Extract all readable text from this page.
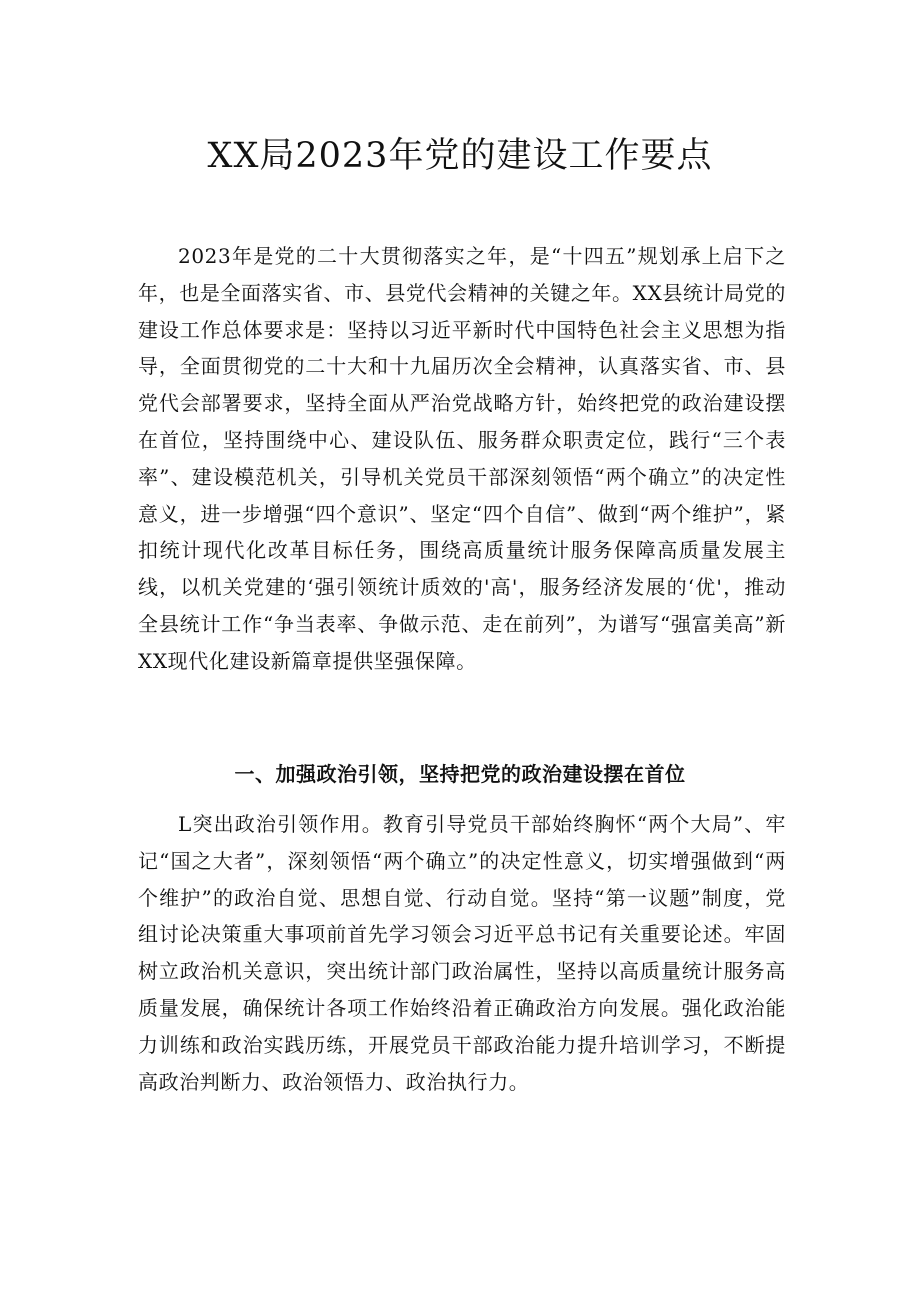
XX局2023年党的建设工作要点

2023年是党的二十大贯彻落实之年，是“十四五”规划承上启下之年，也是全面落实省、市、县党代会精神的关键之年。XX县统计局党的建设工作总体要求是：坚持以习近平新时代中国特色社会主义思想为指导，全面贯彻党的二十大和十九届历次全会精神，认真落实省、市、县党代会部署要求，坚持全面从严治党战略方针，始终把党的政治建设摆在首位，坚持围绕中心、建设队伍、服务群众职责定位，践行“三个表率”、建设模范机关，引导机关党员干部深刻领悟“两个确立”的决定性意义，进一步增强“四个意识”、坚定“四个自信”、做到“两个维护”，紧扣统计现代化改革目标任务，围绕高质量统计服务保障高质量发展主线，以机关党建的‘强引领统计质效的'高'，服务经济发展的‘优'，推动全县统计工作“争当表率、争做示范、走在前列”，为谱写“强富美高”新XX现代化建设新篇章提供坚强保障。

一、加强政治引领，坚持把党的政治建设摆在首位

L突出政治引领作用。教育引导党员干部始终胸怀“两个大局”、牢记“国之大者”，深刻领悟“两个确立”的决定性意义，切实增强做到“两个维护”的政治自觉、思想自觉、行动自觉。坚持“第一议题”制度，党组讨论决策重大事项前首先学习领会习近平总书记有关重要论述。牢固树立政治机关意识，突出统计部门政治属性，坚持以高质量统计服务高质量发展，确保统计各项工作始终沿着正确政治方向发展。强化政治能力训练和政治实践历练，开展党员干部政治能力提升培训学习，不断提高政治判断力、政治领悟力、政治执行力。
